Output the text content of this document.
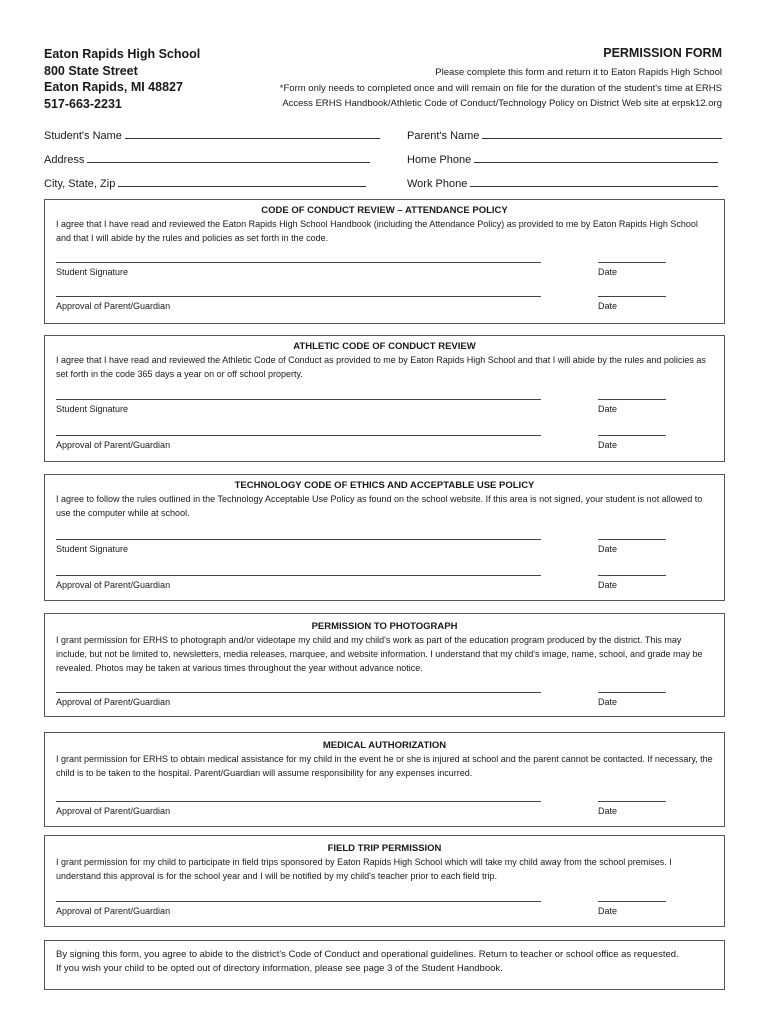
Eaton Rapids High School
800 State Street
Eaton Rapids, MI 48827
517-663-2231
PERMISSION FORM
Please complete this form and return it to Eaton Rapids High School
*Form only needs to completed once and will remain on file for the duration of the student's time at ERHS
Access ERHS Handbook/Athletic Code of Conduct/Technology Policy on District Web site at erpsk12.org
Student's Name	Parent's Name
Address	Home Phone
City, State, Zip	Work Phone
CODE OF CONDUCT REVIEW – ATTENDANCE POLICY
I agree that I have read and reviewed the Eaton Rapids High School Handbook (including the Attendance Policy) as provided to me by Eaton Rapids High School and that I will abide by the rules and policies as set forth in the code.
Student Signature	Date
Approval of Parent/Guardian	Date
ATHLETIC CODE OF CONDUCT REVIEW
I agree that I have read and reviewed the Athletic Code of Conduct as provided to me by Eaton Rapids High School and that I will abide by the rules and policies as set forth in the code 365 days a year on or off school property.
Student Signature	Date
Approval of Parent/Guardian	Date
TECHNOLOGY CODE OF ETHICS AND ACCEPTABLE USE POLICY
I agree to follow the rules outlined in the Technology Acceptable Use Policy as found on the school website. If this area is not signed, your student is not allowed to use the computer while at school.
Student Signature	Date
Approval of Parent/Guardian	Date
PERMISSION TO PHOTOGRAPH
I grant permission for ERHS to photograph and/or videotape my child and my child's work as part of the education program produced by the district. This may include, but not be limited to, newsletters, media releases, marquee, and website information. I understand that my child's image, name, school, and grade may be revealed. Photos may be taken at various times throughout the year without advance notice.
Approval of Parent/Guardian	Date
MEDICAL AUTHORIZATION
I grant permission for ERHS to obtain medical assistance for my child in the event he or she is injured at school and the parent cannot be contacted. If necessary, the child is to be taken to the hospital. Parent/Guardian will assume responsibility for any expenses incurred.
Approval of Parent/Guardian	Date
FIELD TRIP PERMISSION
I grant permission for my child to participate in field trips sponsored by Eaton Rapids High School which will take my child away from the school premises. I understand this approval is for the school year and I will be notified by my child's teacher prior to each field trip.
Approval of Parent/Guardian	Date
By signing this form, you agree to abide to the district's Code of Conduct and operational guidelines. Return to teacher or school office as requested.
If you wish your child to be opted out of directory information, please see page 3 of the Student Handbook.
